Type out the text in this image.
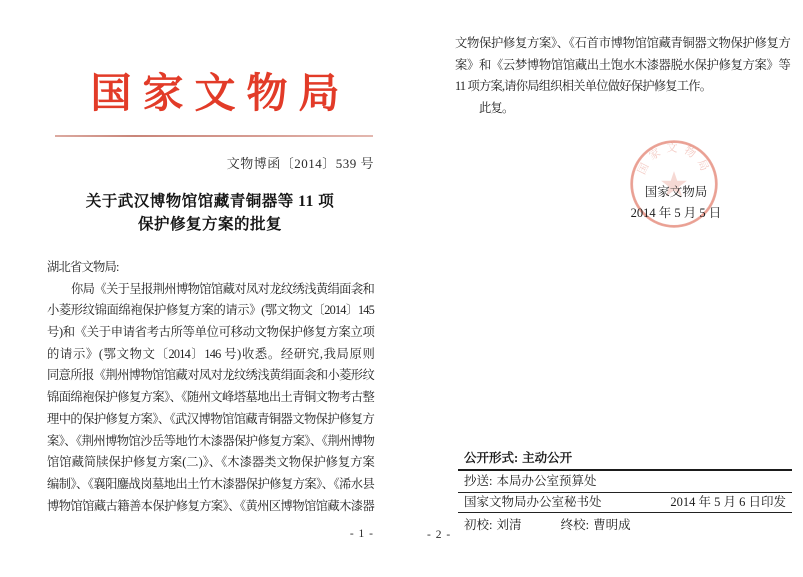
国家文物局
文物博函〔2014〕539 号
关于武汉博物馆馆藏青铜器等 11 项
保护修复方案的批复
湖北省文物局:
你局《关于呈报荆州博物馆馆藏对凤对龙纹绣浅黄绢面衾和
小菱形纹锦面绵袍保护修复方案的请示》(鄂文物文〔2014〕145
号)和《关于申请省考古所等单位可移动文物保护修复方案立项
的请示》(鄂文物文〔2014〕146 号)收悉。经研究,我局原则
同意所报《荆州博物馆馆藏对凤对龙纹绣浅黄绢面衾和小菱形纹
锦面绵袍保护修复方案》、《随州文峰塔墓地出土青铜文物考古整
理中的保护修复方案》、《武汉博物馆馆藏青铜器文物保护修复方
案》、《荆州博物馆沙岳等地竹木漆器保护修复方案》、《荆州博物
馆馆藏简牍保护修复方案(二)》、《木漆器类文物保护修复方案
编制》、《襄阳鏖战岗墓地出土竹木漆器保护修复方案》、《浠水县
博物馆馆藏古籍善本保护修复方案》、《黄州区博物馆馆藏木漆器
- 1 -
文物保护修复方案》、《石首市博物馆馆藏青铜器文物保护修复方
案》和《云梦博物馆馆藏出土饱水木漆器脱水保护修复方案》等
11 项方案,请你局组织相关单位做好保护修复工作。
此复。
国家文物局
国家文物局
2014 年 5 月 5 日
公开形式: 主动公开
抄送: 本局办公室预算处
国家文物局办公室秘书处	2014 年 5 月 6 日印发
初校: 刘清	终校: 曹明成
- 2 -
